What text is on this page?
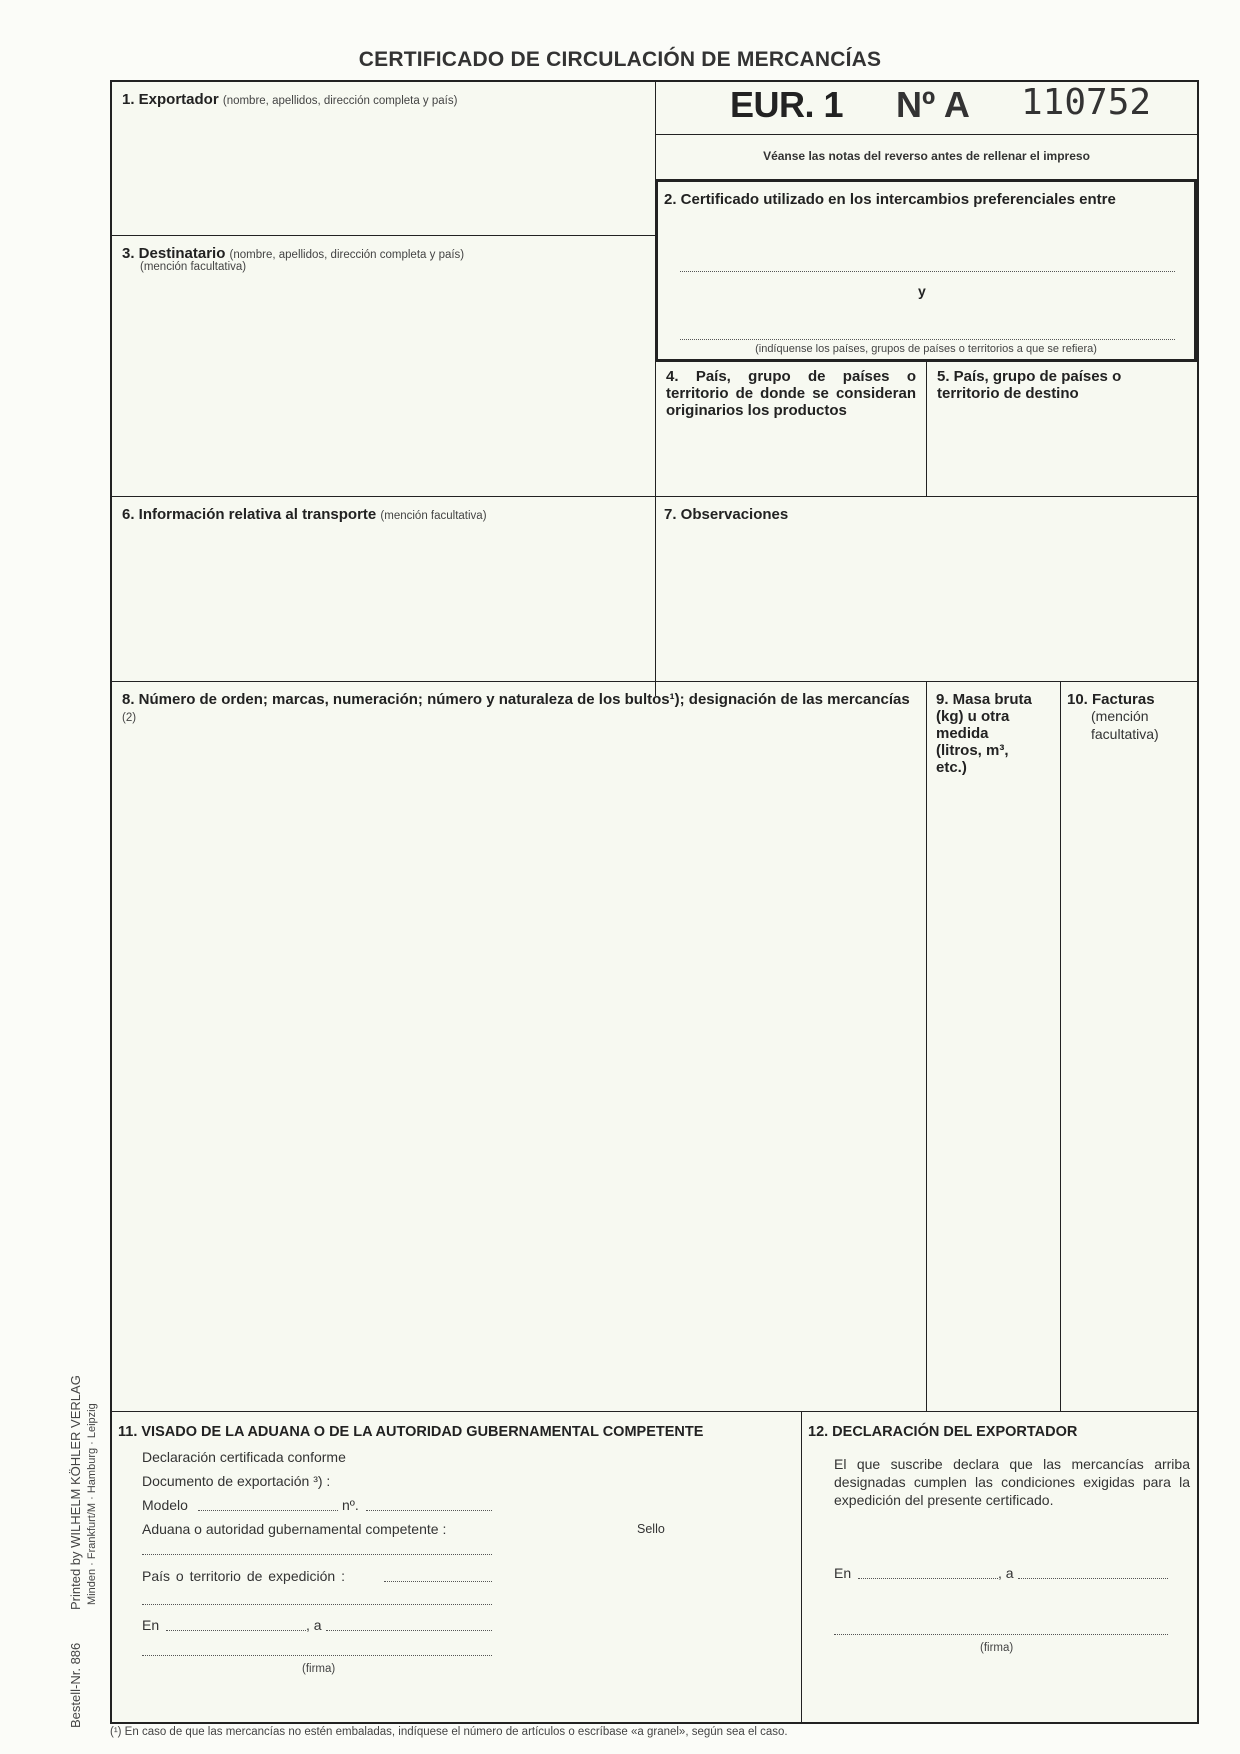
CERTIFICADO DE CIRCULACIÓN DE MERCANCÍAS
Printed by WILHELM KÖHLER VERLAG Minden · Frankfurt/M · Hamburg · Leipzig
Bestell-Nr. 886
1. Exportador (nombre, apellidos, dirección completa y país)	EUR. 1 Nº A 110752
Véanse las notas del reverso antes de rellenar el impreso
2. Certificado utilizado en los intercambios preferenciales entre
y
(indíquense los países, grupos de países o territorios a que se refiera)
3. Destinatario (nombre, apellidos, dirección completa y país)
(mención facultativa)
4. País, grupo de países o territorio de donde se consideran originarios los productos
5. País, grupo de países o territorio de destino
6. Información relativa al transporte (mención facultativa)	7. Observaciones
8. Número de orden; marcas, numeración; número y naturaleza de los bultos¹); designación de las mercancías (2)
9. Masa bruta (kg) u otra medida (litros, m³, etc.)
10. Facturas
(mención facultativa)
11. VISADO DE LA ADUANA O DE LA AUTORIDAD GUBERNAMENTAL COMPETENTE
Declaración certificada conforme
Documento de exportación ³) :
Modelo	nº.
Aduana o autoridad gubernamental competente :	Sello
País o territorio de expedición :
En	, a
(firma)
12. DECLARACIÓN DEL EXPORTADOR
El que suscribe declara que las mercancías arriba designadas cumplen las condiciones exigidas para la expedición del presente certificado.
En	, a
(firma)
(¹) En caso de que las mercancías no estén embaladas, indíquese el número de artículos o escríbase «a granel», según sea el caso.
